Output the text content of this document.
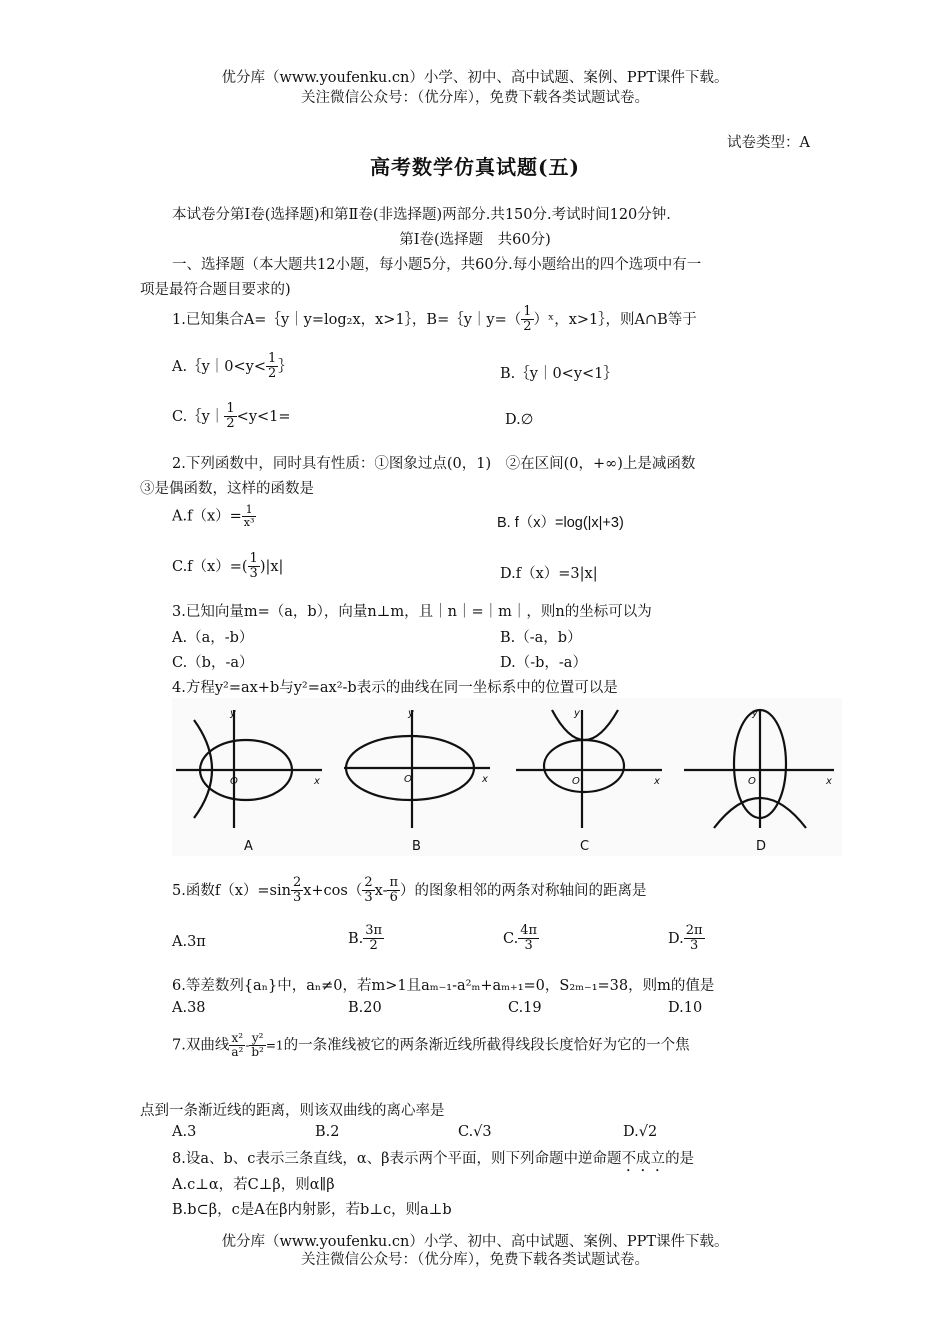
优分库（www.youfenku.cn）小学、初中、高中试题、案例、PPT课件下载。
关注微信公众号：（优分库），免费下载各类试题试卷。
试卷类型：A
高考数学仿真试题(五)
本试卷分第Ⅰ卷(选择题)和第Ⅱ卷(非选择题)两部分.共150分.考试时间120分钟.
第Ⅰ卷(选择题　共60分)
一、选择题（本大题共12小题，每小题5分，共60分.每小题给出的四个选项中有一
项是最符合题目要求的)
1.已知集合A=｛y｜y=log₂x，x>1｝，B=｛y｜y=（ $\frac{1}{2}$ ）ˣ，x>1｝，则A∩B等于
A.｛y｜0<y< $\frac{1}{2}$ ｝	B.｛y｜0<y<1｝
C.｛y｜ $\frac{1}{2} <y<1=$	D.∅
2.下列函数中，同时具有性质：①图象过点(0，1)　②在区间(0，+∞)上是减函数
③是偶函数，这样的函数是
$A.f(x)= \frac{1}{\text{x³}}$	B. f（x）=log(|x|+3)
$C.f(x)=( \frac{1}{3} )|x|$	D.f（x）=3|x|
3.已知向量m=（a，b），向量n⊥m，且｜n｜=｜m｜，则n的坐标可以为
A.（a，-b）	B.（-a，b）
C.（b，-a）	D.（-b，-a）
4.方程y²=ax+b与y²=ax²-b表示的曲线在同一坐标系中的位置可以是
y
x
O
y
x
O
y
x
O
y
x
O
A	B	C	D
5.函数$f(x)=\sin \frac{2}{3} x+\cos( \frac{2}{3} x- \frac{\pi}{6}$ ）的图象相邻的两条对称轴间的距离是
A.3π	B. $\frac{3\pi}{2}$	C. $\frac{4\pi}{3}$	D. $\frac{2\pi}{3}$
6.等差数列{aₙ}中，aₙ≠0，若m>1且aₘ₋₁-a²ₘ+aₘ₊₁=0，S₂ₘ₋₁=38，则m的值是
A.38	B.20	C.19	D.10
7.双曲线 $\frac{\text{x²}}{\text{a²}} - \frac{\text{y²}}{\text{b²}} =1$的一条准线被它的两条渐近线所截得线段长度恰好为它的一个焦
点到一条渐近线的距离，则该双曲线的离心率是
A.3	B.2	C.√3	D.√2
8.设a、b、c表示三条直线，α、β表示两个平面，则下列命题中逆命题不成立的是
A.c⊥α，若C⊥β，则α∥β
B.b⊂β，c是A在β内射影，若b⊥c，则a⊥b
优分库（www.youfenku.cn）小学、初中、高中试题、案例、PPT课件下载。
关注微信公众号：（优分库），免费下载各类试题试卷。
